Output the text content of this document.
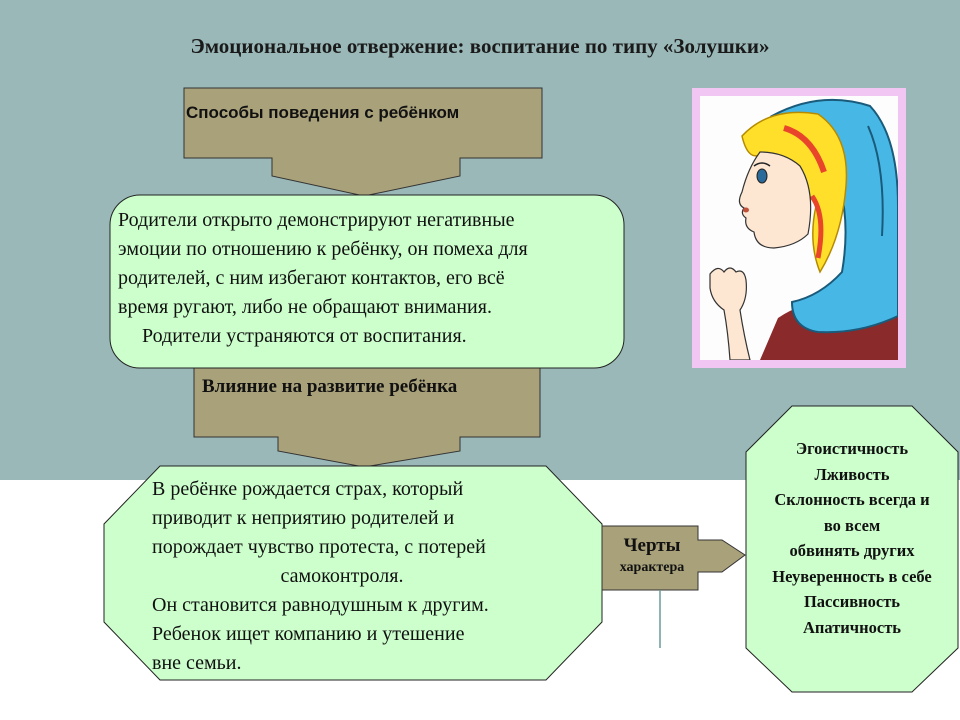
Эмоциональное отвержение: воспитание по типу «Золушки»
Способы поведения с ребёнком
Родители открыто демонстрируют негативные
эмоции по отношению к ребёнку, он помеха для
родителей, с ним избегают контактов, его всё
время ругают, либо не обращают внимания.
Родители устраняются от воспитания.
Влияние на развитие ребёнка
В ребёнке рождается страх, который
приводит к неприятию родителей и
порождает чувство протеста, с потерей
самоконтроля.
Он становится равнодушным к другим.
Ребенок ищет компанию и утешение
вне семьи.
Черты
характера
Эгоистичность
Лживость
Склонность всегда и
во всем
обвинять других
Неуверенность в себе
Пассивность
Апатичность
